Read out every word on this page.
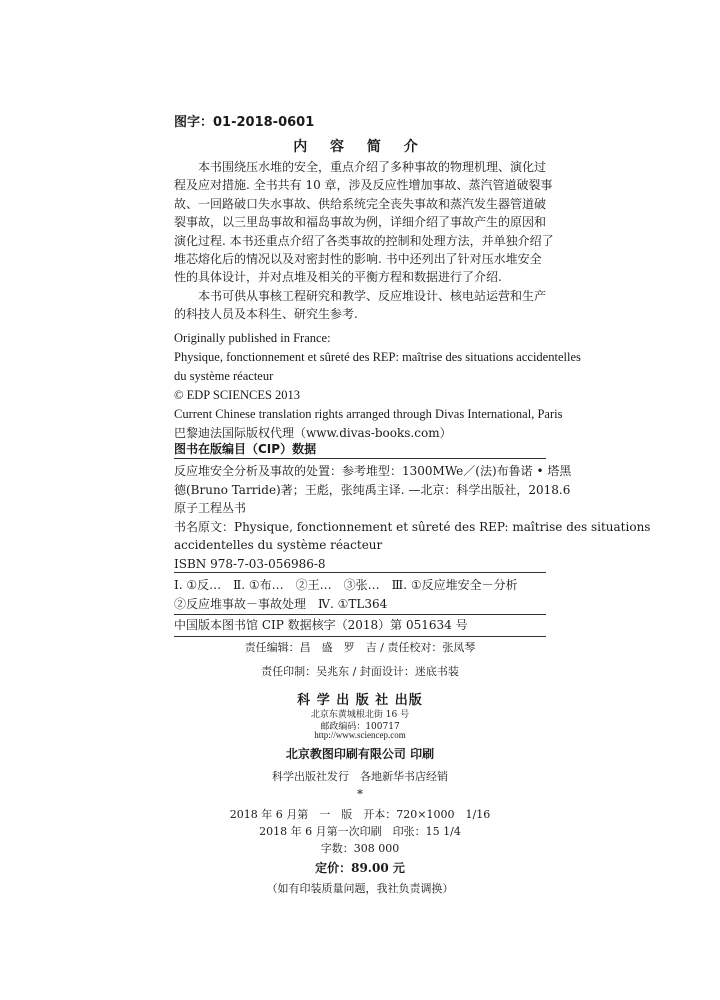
图字：01-2018-0601
内 容 简 介
本书围绕压水堆的安全，重点介绍了多种事故的物理机理、演化过
程及应对措施. 全书共有 10 章，涉及反应性增加事故、蒸汽管道破裂事
故、一回路破口失水事故、供给系统完全丧失事故和蒸汽发生器管道破
裂事故，以三里岛事故和福岛事故为例，详细介绍了事故产生的原因和
演化过程. 本书还重点介绍了各类事故的控制和处理方法，并单独介绍了
堆芯熔化后的情况以及对密封性的影响. 书中还列出了针对压水堆安全
性的具体设计，并对点堆及相关的平衡方程和数据进行了介绍.
本书可供从事核工程研究和教学、反应堆设计、核电站运营和生产
的科技人员及本科生、研究生参考.
Originally published in France:
Physique, fonctionnement et sûreté des REP: maîtrise des situations accidentelles
du système réacteur
© EDP SCIENCES 2013
Current Chinese translation rights arranged through Divas International, Paris
巴黎迪法国际版权代理（www.divas-books.com）
图书在版编目（CIP）数据
反应堆安全分析及事故的处置：参考堆型：1300MWe／(法)布鲁诺 • 塔黑
德(Bruno Tarride)著；王彪，张纯禹主译. —北京：科学出版社，2018.6
原子工程丛书
书名原文：Physique, fonctionnement et sûreté des REP: maîtrise des situations
accidentelles du système réacteur
ISBN 978-7-03-056986-8
Ⅰ. ①反…　Ⅱ. ①布…　②王…　③张…　Ⅲ. ①反应堆安全－分析
②反应堆事故－事故处理　Ⅳ. ①TL364
中国版本图书馆 CIP 数据核字（2018）第 051634 号
责任编辑：昌　盛　罗　吉 / 责任校对：张凤琴
责任印制：吴兆东 / 封面设计：迷底书装
科 学 出 版 社 出版
北京东黄城根北街 16 号
邮政编码：100717
http://www.sciencep.com
北京教图印刷有限公司 印刷
科学出版社发行　各地新华书店经销
*
2018 年 6 月第　一　版　开本：720×1000　1/16
2018 年 6 月第一次印刷　印张：15 1/4
字数：308 000
定价：89.00 元
（如有印装质量问题，我社负责调换）
